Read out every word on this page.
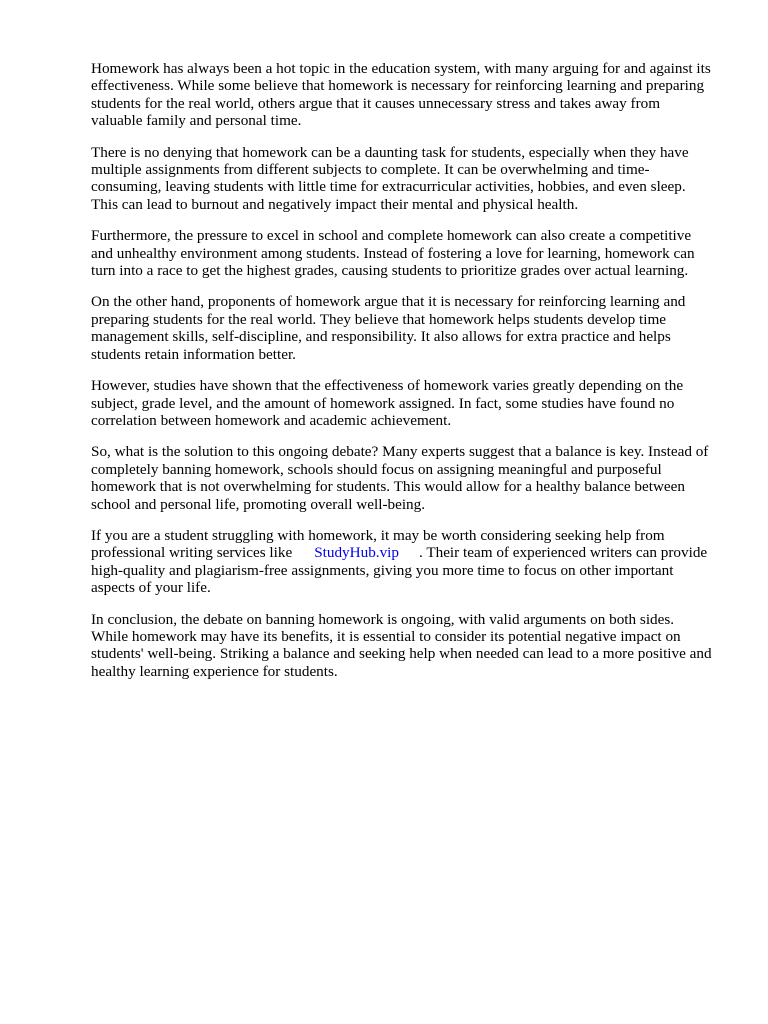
Homework has always been a hot topic in the education system, with many arguing for and against its effectiveness. While some believe that homework is necessary for reinforcing learning and preparing students for the real world, others argue that it causes unnecessary stress and takes away from valuable family and personal time.

There is no denying that homework can be a daunting task for students, especially when they have multiple assignments from different subjects to complete. It can be overwhelming and time-consuming, leaving students with little time for extracurricular activities, hobbies, and even sleep. This can lead to burnout and negatively impact their mental and physical health.

Furthermore, the pressure to excel in school and complete homework can also create a competitive and unhealthy environment among students. Instead of fostering a love for learning, homework can turn into a race to get the highest grades, causing students to prioritize grades over actual learning.

On the other hand, proponents of homework argue that it is necessary for reinforcing learning and preparing students for the real world. They believe that homework helps students develop time management skills, self-discipline, and responsibility. It also allows for extra practice and helps students retain information better.

However, studies have shown that the effectiveness of homework varies greatly depending on the subject, grade level, and the amount of homework assigned. In fact, some studies have found no correlation between homework and academic achievement.

So, what is the solution to this ongoing debate? Many experts suggest that a balance is key. Instead of completely banning homework, schools should focus on assigning meaningful and purposeful homework that is not overwhelming for students. This would allow for a healthy balance between school and personal life, promoting overall well-being.

If you are a student struggling with homework, it may be worth considering seeking help from professional writing services like StudyHub.vip . Their team of experienced writers can provide high-quality and plagiarism-free assignments, giving you more time to focus on other important aspects of your life.

In conclusion, the debate on banning homework is ongoing, with valid arguments on both sides. While homework may have its benefits, it is essential to consider its potential negative impact on students' well-being. Striking a balance and seeking help when needed can lead to a more positive and healthy learning experience for students.
